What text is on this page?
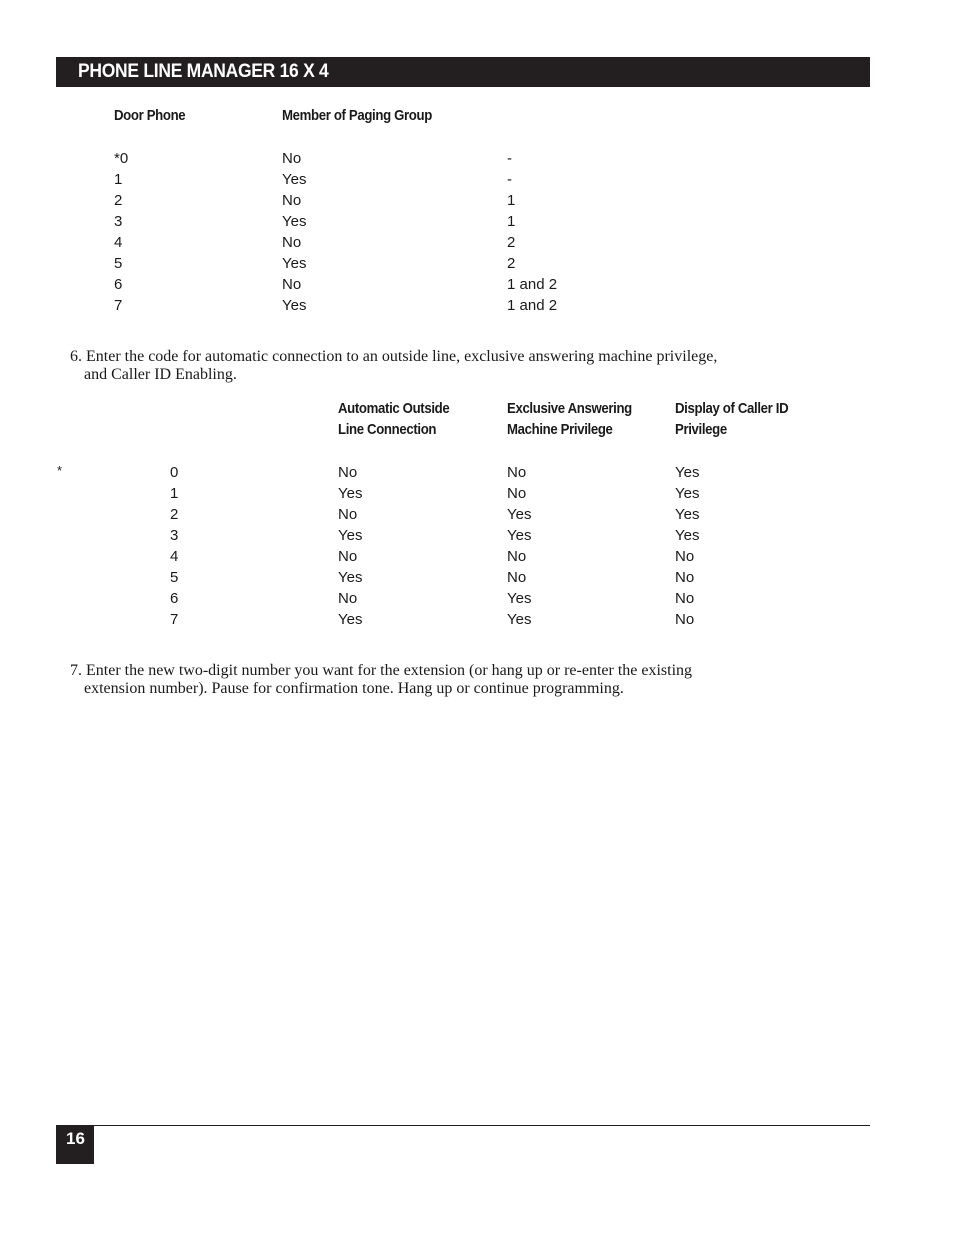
PHONE LINE MANAGER 16 X 4
Door Phone	Member of Paging Group
*0	No	-
1	Yes	-
2	No	1
3	Yes	1
4	No	2
5	Yes	2
6	No	1 and 2
7	Yes	1 and 2
6. Enter the code for automatic connection to an outside line, exclusive answering machine privilege,
and Caller ID Enabling.
Automatic Outside
Line Connection
Exclusive Answering
Machine Privilege
Display of Caller ID
Privilege
*	0	No	No	Yes
1	Yes	No	Yes
2	No	Yes	Yes
3	Yes	Yes	Yes
4	No	No	No
5	Yes	No	No
6	No	Yes	No
7	Yes	Yes	No
7. Enter the new two-digit number you want for the extension (or hang up or re-enter the existing
extension number). Pause for confirmation tone. Hang up or continue programming.
16
